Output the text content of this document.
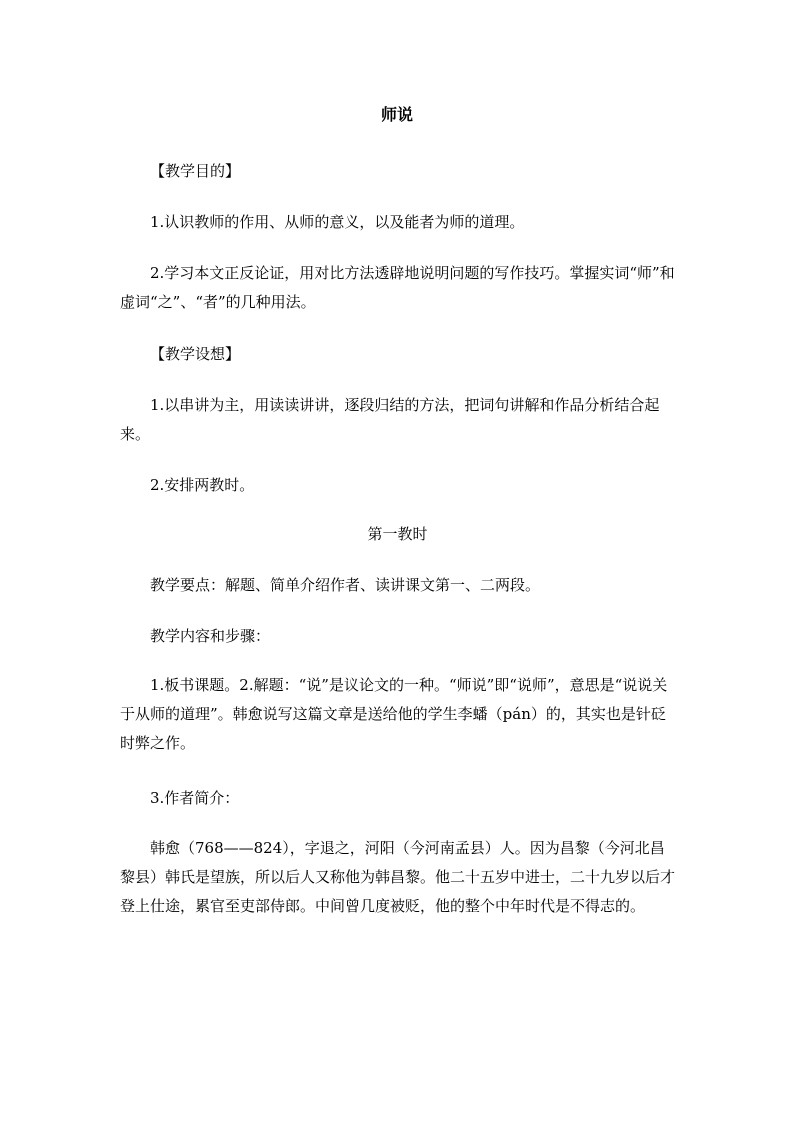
师说

【教学目的】

1.认识教师的作用、从师的意义，以及能者为师的道理。

2.学习本文正反论证，用对比方法透辟地说明问题的写作技巧。掌握实词“师”和虚词“之”、“者”的几种用法。

【教学设想】

1.以串讲为主，用读读讲讲，逐段归结的方法，把词句讲解和作品分析结合起来。

2.安排两教时。

第一教时

教学要点：解题、简单介绍作者、读讲课文第一、二两段。

教学内容和步骤：

1.板书课题。2.解题：“说”是议论文的一种。“师说”即“说师”，意思是“说说关于从师的道理”。韩愈说写这篇文章是送给他的学生李蟠（pán）的，其实也是针砭时弊之作。

3.作者简介：

韩愈（768——824），字退之，河阳（今河南孟县）人。因为昌黎（今河北昌黎县）韩氏是望族，所以后人又称他为韩昌黎。他二十五岁中进士，二十九岁以后才登上仕途，累官至吏部侍郎。中间曾几度被贬，他的整个中年时代是不得志的。
